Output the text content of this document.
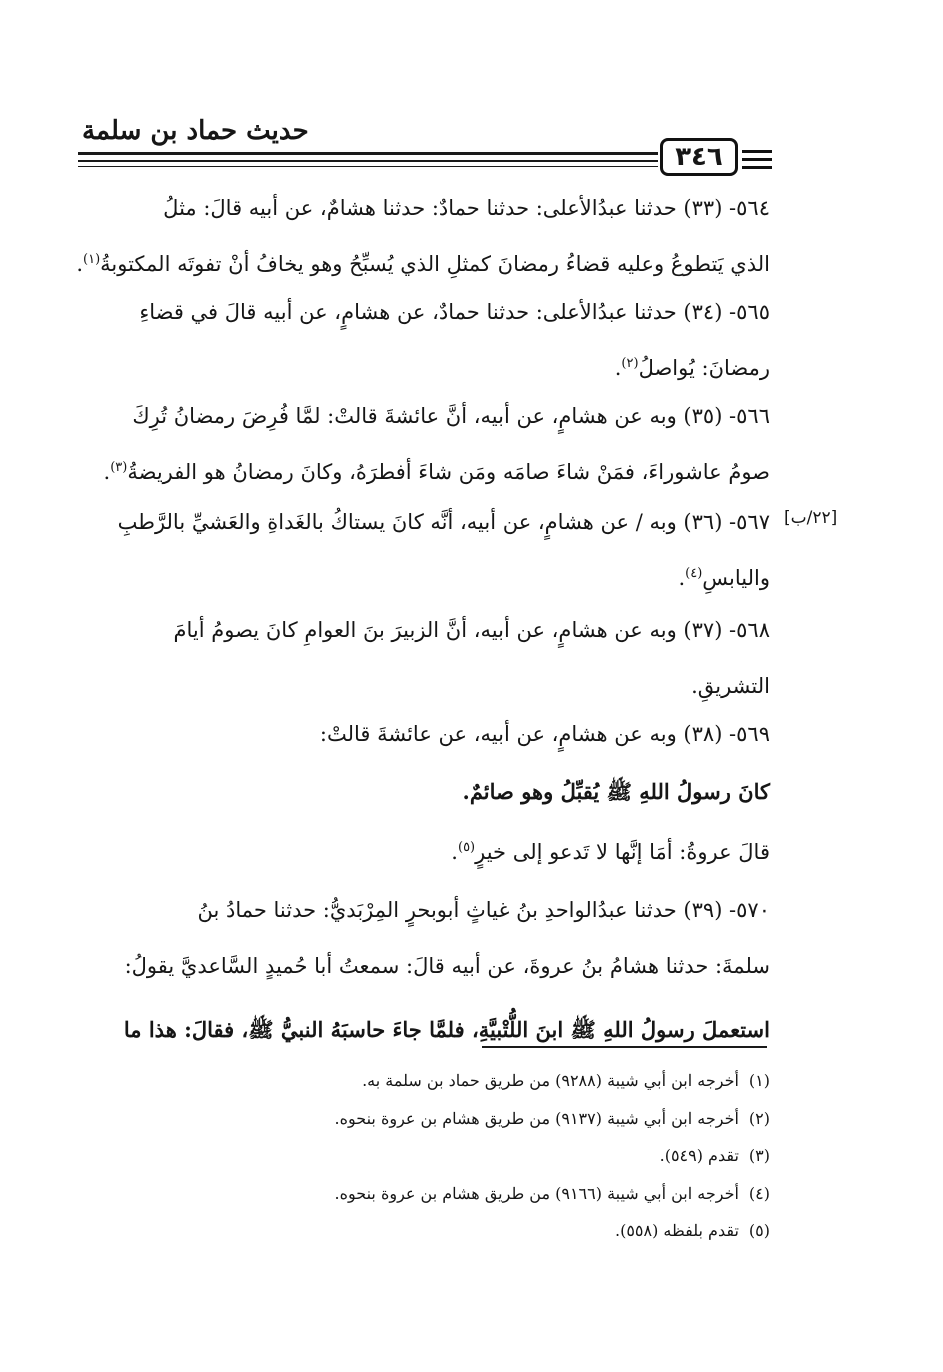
حديث حماد بن سلمة
٣٤٦
[٢٢/ب]
٥٦٤- (٣٣) حدثنا عبدُالأعلى: حدثنا حمادٌ: حدثنا هشامٌ، عن أبيه قالَ: مثلُ
الذي يَتطوعُ وعليه قضاءُ رمضانَ كمثلِ الذي يُسبِّحُ وهو يخافُ أنْ تفوتَه المكتوبةُ$^{(١)}$.
٥٦٥- (٣٤) حدثنا عبدُالأعلى: حدثنا حمادٌ، عن هشامٍ، عن أبيه قالَ في قضاءِ
رمضانَ: يُواصلُ$^{(٢)}$.
٥٦٦- (٣٥) وبه عن هشامٍ، عن أبيه، أنَّ عائشةَ قالتْ: لمَّا فُرِضَ رمضانُ تُرِكَ
صومُ عاشوراءَ، فمَنْ شاءَ صامَه ومَن شاءَ أفطرَهُ، وكانَ رمضانُ هو الفريضةُ$^{(٣)}$.
٥٦٧- (٣٦) وبه / عن هشامٍ، عن أبيه، أنَّه كانَ يستاكُ بالغَداةِ والعَشيِّ بالرَّطبِ
واليابسِ$^{(٤)}$.
٥٦٨- (٣٧) وبه عن هشامٍ، عن أبيه، أنَّ الزبيرَ بنَ العوامِ كانَ يصومُ أيامَ
التشريقِ.
٥٦٩- (٣٨) وبه عن هشامٍ، عن أبيه، عن عائشةَ قالتْ:
كانَ رسولُ اللهِ ﷺ يُقبِّلُ وهو صائمٌ.
قالَ عروةُ: أمَا إنَّها لا تَدعو إلى خيرٍ$^{(٥)}$.
٥٧٠- (٣٩) حدثنا عبدُالواحدِ بنُ غياثٍ أبوبحرٍ المِرْبَديُّ: حدثنا حمادُ بنُ
سلمةَ: حدثنا هشامُ بنُ عروةَ، عن أبيه قالَ: سمعتُ أبا حُميدٍ السَّاعديَّ يقولُ:
استعملَ رسولُ اللهِ ﷺ ابنَ اللُّتْبيَّةِ، فلمَّا جاءَ حاسبَهُ النبيُّ ﷺ، فقالَ: هذا ما
(١)أخرجه ابن أبي شيبة (٩٢٨٨) من طريق حماد بن سلمة به.
(٢)أخرجه ابن أبي شيبة (٩١٣٧) من طريق هشام بن عروة بنحوه.
(٣)تقدم (٥٤٩).
(٤)أخرجه ابن أبي شيبة (٩١٦٦) من طريق هشام بن عروة بنحوه.
(٥)تقدم بلفظه (٥٥٨).
